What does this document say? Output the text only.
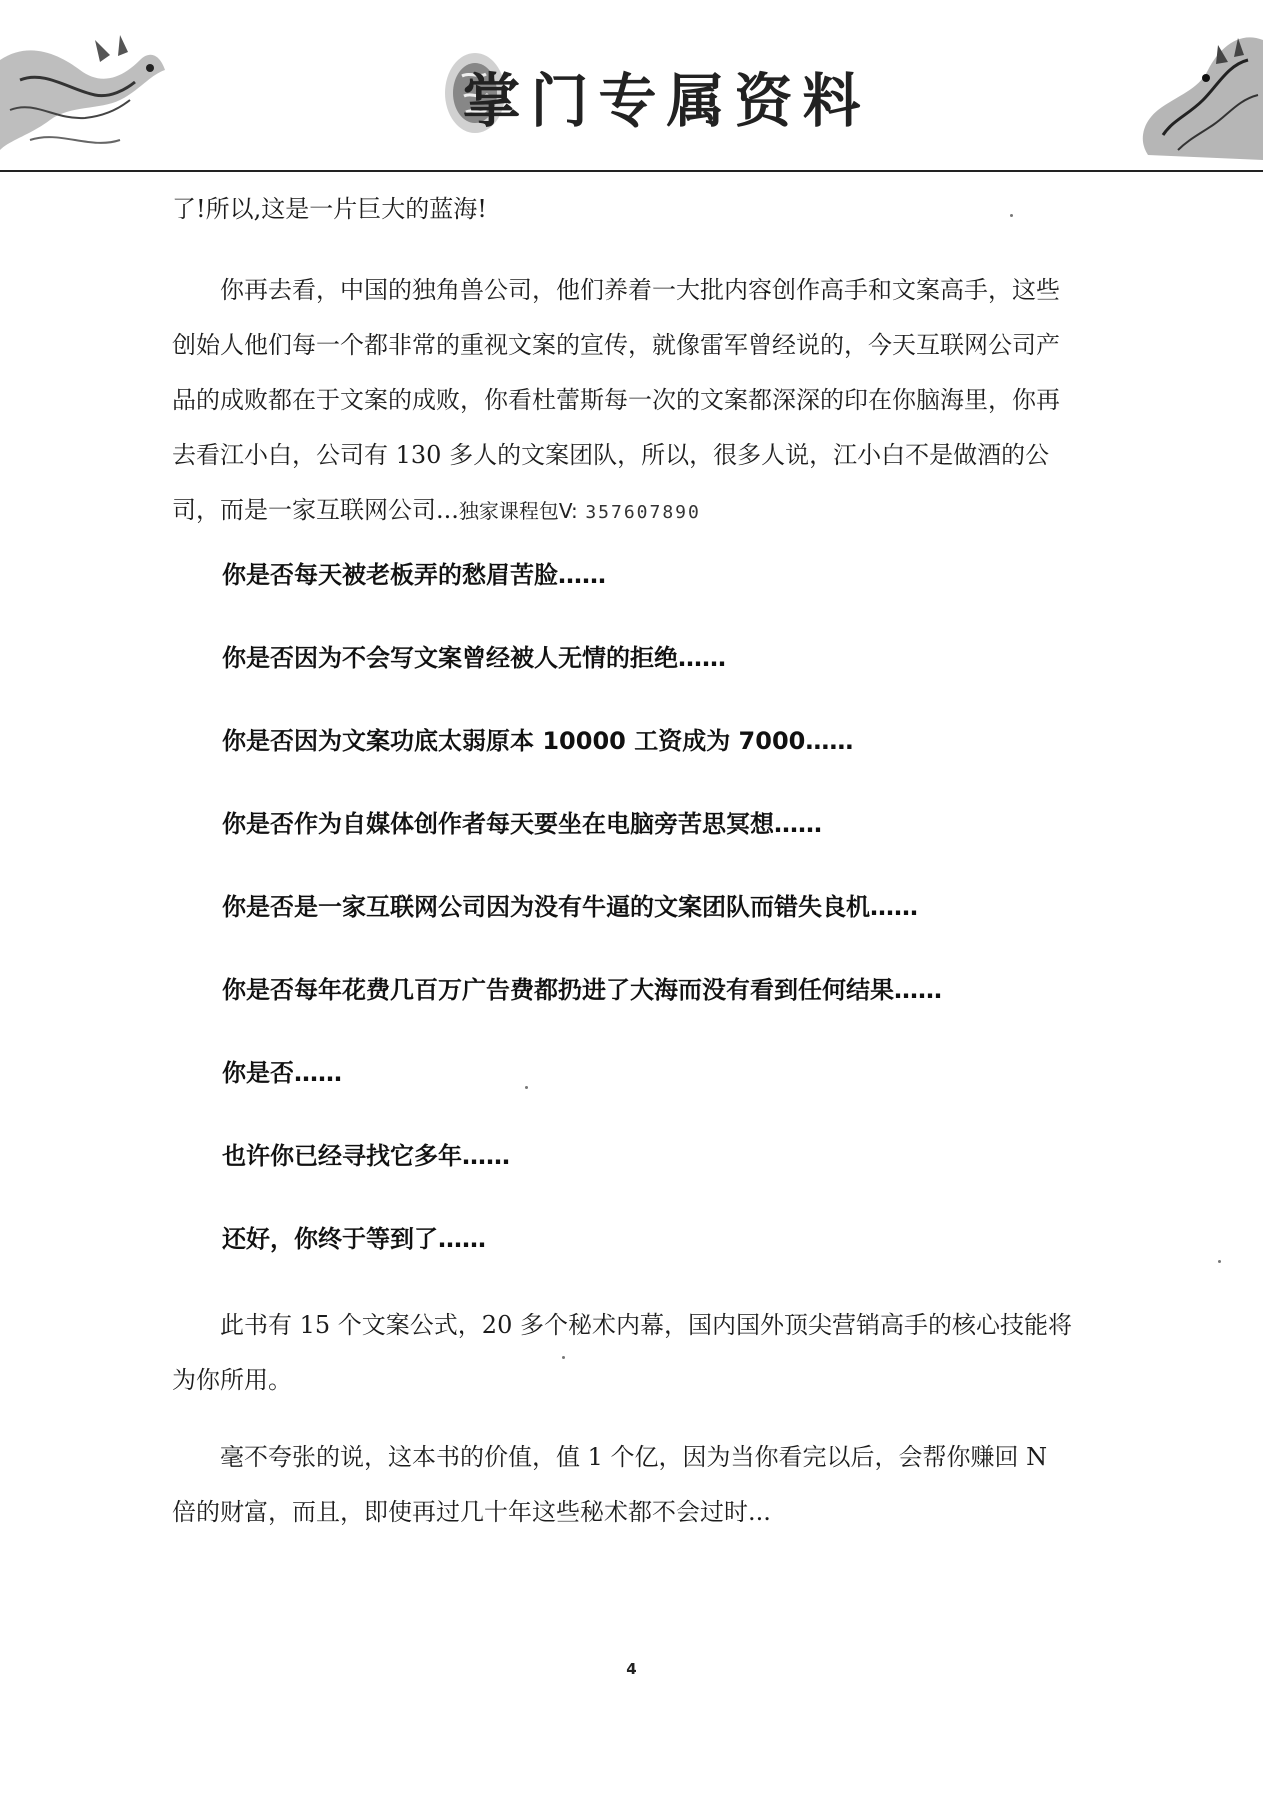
掌门专属资料

了!所以,这是一片巨大的蓝海!

你再去看，中国的独角兽公司，他们养着一大批内容创作高手和文案高手，这些创始人他们每一个都非常的重视文案的宣传，就像雷军曾经说的，今天互联网公司产品的成败都在于文案的成败，你看杜蕾斯每一次的文案都深深的印在你脑海里，你再去看江小白，公司有 130 多人的文案团队，所以，很多人说，江小白不是做酒的公司，而是一家互联网公司...独家课程包V: 357607890

你是否每天被老板弄的愁眉苦脸……

你是否因为不会写文案曾经被人无情的拒绝……

你是否因为文案功底太弱原本 10000 工资成为 7000……

你是否作为自媒体创作者每天要坐在电脑旁苦思冥想……

你是否是一家互联网公司因为没有牛逼的文案团队而错失良机……

你是否每年花费几百万广告费都扔进了大海而没有看到任何结果……

你是否……

也许你已经寻找它多年……

还好，你终于等到了……

此书有 15 个文案公式，20 多个秘术内幕，国内国外顶尖营销高手的核心技能将为你所用。

毫不夸张的说，这本书的价值，值 1 个亿，因为当你看完以后，会帮你赚回 N 倍的财富，而且，即使再过几十年这些秘术都不会过时...

4
